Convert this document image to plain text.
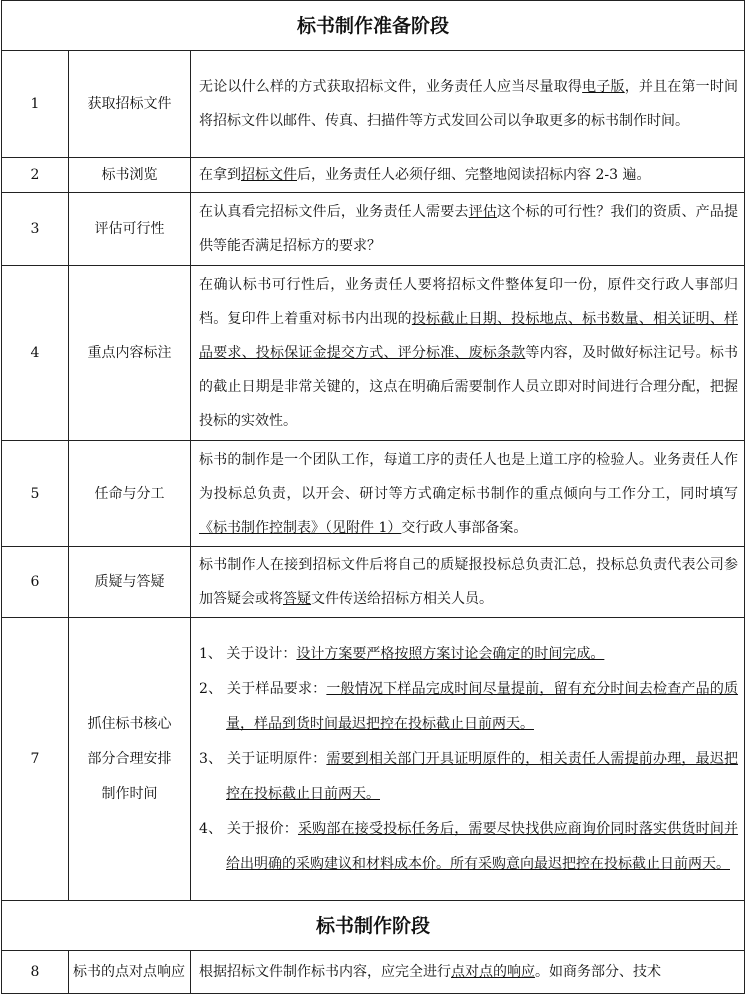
标书制作准备阶段		
1	获取招标文件	无论以什么样的方式获取招标文件，业务责任人应当尽量取得电子版，并且在第一时间将招标文件以邮件、传真、扫描件等方式发回公司以争取更多的标书制作时间。
2	标书浏览	在拿到招标文件后，业务责任人必须仔细、完整地阅读招标内容 2-3 遍。
3	评估可行性	在认真看完招标文件后，业务责任人需要去评估这个标的可行性？我们的资质、产品提供等能否满足招标方的要求？
4	重点内容标注	在确认标书可行性后，业务责任人要将招标文件整体复印一份，原件交行政人事部归档。复印件上着重对标书内出现的投标截止日期、投标地点、标书数量、相关证明、样品要求、投标保证金提交方式、评分标准、废标条款等内容，及时做好标注记号。标书的截止日期是非常关键的，这点在明确后需要制作人员立即对时间进行合理分配，把握投标的实效性。
5	任命与分工	标书的制作是一个团队工作，每道工序的责任人也是上道工序的检验人。业务责任人作为投标总负责，以开会、研讨等方式确定标书制作的重点倾向与工作分工，同时填写《标书制作控制表》（见附件 1）交行政人事部备案。
6	质疑与答疑	标书制作人在接到招标文件后将自己的质疑报投标总负责汇总，投标总负责代表公司参加答疑会或将答疑文件传送给招标方相关人员。
7	抓住标书核心部分合理安排制作时间	1、 关于设计：设计方案要严格按照方案讨论会确定的时间完成。
2、 关于样品要求：一般情况下样品完成时间尽量提前，留有充分时间去检查产品的质量，样品到货时间最迟把控在投标截止日前两天。
3、 关于证明原件：需要到相关部门开具证明原件的，相关责任人需提前办理，最迟把控在投标截止日前两天。
4、 关于报价：采购部在接受投标任务后，需要尽快找供应商询价同时落实供货时间并给出明确的采购建议和材料成本价。所有采购意向最迟把控在投标截止日前两天。

标书制作阶段		
8	标书的点对点响应	根据招标文件制作标书内容，应完全进行点对点的响应。如商务部分、技术
